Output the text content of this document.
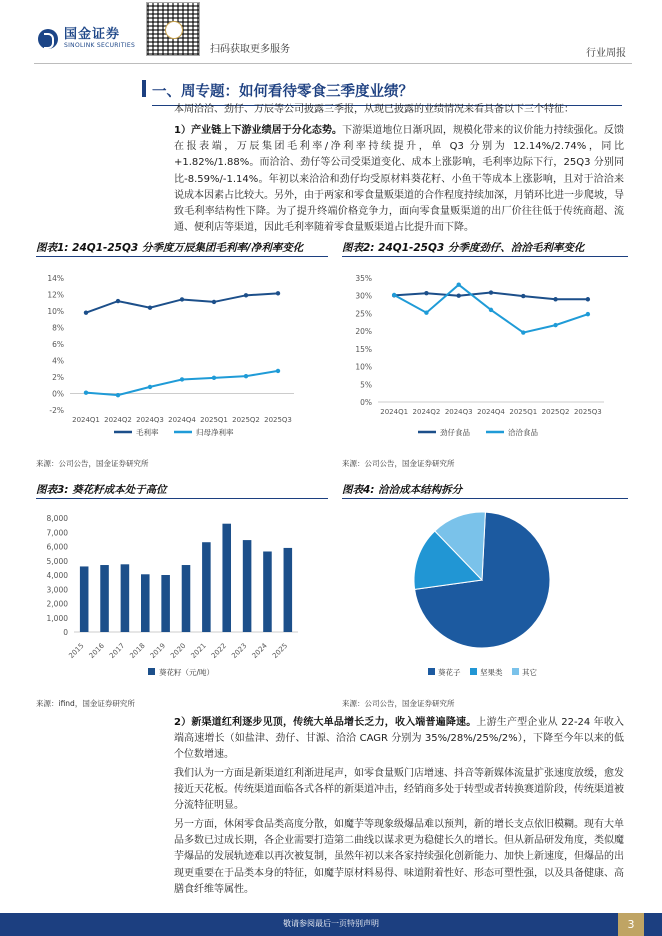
国金证券
SINOLINK SECURITIES	扫码获取更多服务	行业周报
一、周专题：如何看待零食三季度业绩？
本周洽洽、劲仔、万辰等公司披露三季报，从现已披露的业绩情况来看具备以下三个特征：
1）产业链上下游业绩居于分化态势。下游渠道地位日渐巩固，规模化带来的议价能力持续强化。反馈在报表端，万辰集团毛利率/净利率持续提升，单 Q3 分别为 12.14%/2.74%，同比+1.82%/1.88%。而洽洽、劲仔等公司受渠道变化、成本上涨影响，毛利率边际下行，25Q3 分别同比-8.59%/-1.14%。年初以来洽洽和劲仔均受原材料葵花籽、小鱼干等成本上涨影响，且对于洽洽来说成本因素占比较大。另外，由于两家和零食量贩渠道的合作程度持续加深，月销环比进一步爬坡，导致毛利率结构性下降。为了提升终端价格竞争力，面向零食量贩渠道的出厂价往往低于传统商超、流通、便利店等渠道，因此毛利率随着零食量贩渠道占比提升而下降。
图表1: 24Q1-25Q3 分季度万辰集团毛利率/净利率变化
14%
12%
10%
8%
6%
4%
2%
0%
-2%
2024Q1 2024Q2 2024Q3 2024Q4 2025Q1 2025Q2 2025Q3
毛利率	归母净利率
来源：公司公告，国金证券研究所
图表2: 24Q1-25Q3 分季度劲仔、洽洽毛利率变化
35%
30%
25%
20%
15%
10%
5%
0%
2024Q1 2024Q2 2024Q3 2024Q4 2025Q1 2025Q2 2025Q3
劲仔食品	洽洽食品
来源：公司公告，国金证券研究所
图表3: 葵花籽成本处于高位
8,000
7,000
6,000
5,000
4,000
3,000
2,000
1,000
0
2015 2016 2017 2018 2019 2020 2021 2022 2023 2024 2025
葵花籽（元/吨）
来源：ifind，国金证券研究所
图表4: 洽洽成本结构拆分
葵花子	坚果类	其它
来源：公司公告，国金证券研究所
2）新渠道红利逐步见顶，传统大单品增长乏力，收入端普遍降速。上游生产型企业从 22-24 年收入端高速增长（如盐津、劲仔、甘源、洽洽 CAGR 分别为 35%/28%/25%/2%），下降至今年以来的低个位数增速。
我们认为一方面是新渠道红利渐进尾声，如零食量贩门店增速、抖音等新媒体流量扩张速度放缓，愈发接近天花板。传统渠道面临各式各样的新渠道冲击，经销商多处于转型或者转换赛道阶段，传统渠道被分流特征明显。
另一方面，休闲零食品类高度分散，如魔芋等现象级爆品难以预判，新的增长支点依旧模糊。现有大单品多数已过成长期，各企业需要打造第二曲线以谋求更为稳健长久的增长。但从新品研发角度，类似魔芋爆品的发展轨迹难以再次被复制，虽然年初以来各家持续强化创新能力、加快上新速度，但爆品的出现更重要在于品类本身的特征，如魔芋原材料易得、味道附着性好、形态可塑性强，以及具备健康、高膳食纤维等属性。
敬请参阅最后一页特别声明	3
